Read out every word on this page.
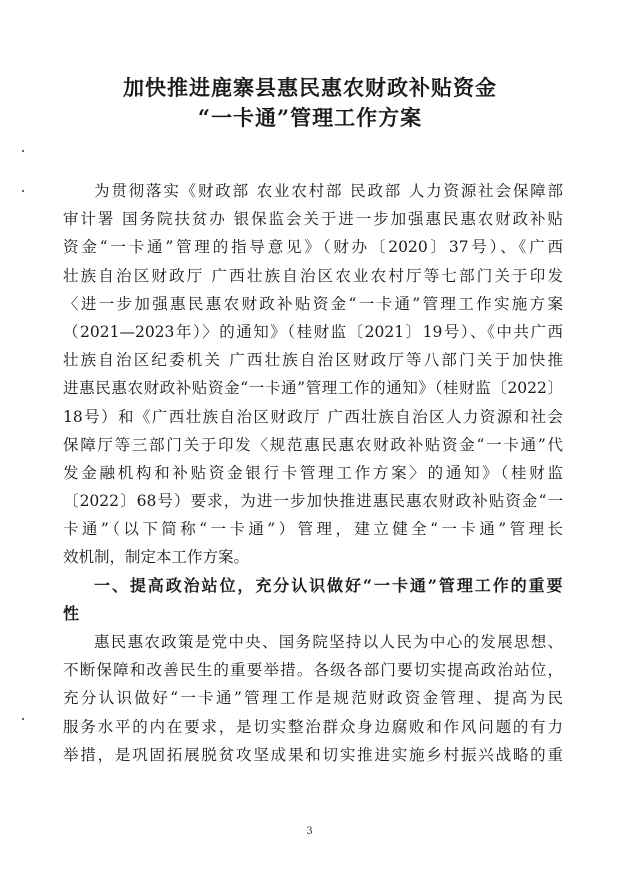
加快推进鹿寨县惠民惠农财政补贴资金
“一卡通”管理工作方案
为贯彻落实《财政部 农业农村部 民政部 人力资源社会保障部
审计署 国务院扶贫办 银保监会关于进一步加强惠民惠农财政补贴
资金“一卡通”管理的指导意见》（财办〔2020〕37号）、《广西
壮族自治区财政厅 广西壮族自治区农业农村厅等七部门关于印发
〈进一步加强惠民惠农财政补贴资金“一卡通”管理工作实施方案
（2021—2023年）〉的通知》（桂财监〔2021〕19号）、《中共广西
壮族自治区纪委机关 广西壮族自治区财政厅等八部门关于加快推
进惠民惠农财政补贴资金“一卡通”管理工作的通知》（桂财监〔2022〕
18号）和《广西壮族自治区财政厅 广西壮族自治区人力资源和社会
保障厅等三部门关于印发〈规范惠民惠农财政补贴资金“一卡通”代
发金融机构和补贴资金银行卡管理工作方案〉的通知》（桂财监
〔2022〕68号）要求，为进一步加快推进惠民惠农财政补贴资金“一
卡通”（以下简称“一卡通”）管理，建立健全“一卡通”管理长
效机制，制定本工作方案。
一、提高政治站位，充分认识做好“一卡通”管理工作的重要
性
惠民惠农政策是党中央、国务院坚持以人民为中心的发展思想、
不断保障和改善民生的重要举措。各级各部门要切实提高政治站位，
充分认识做好“一卡通”管理工作是规范财政资金管理、提高为民
服务水平的内在要求，是切实整治群众身边腐败和作风问题的有力
举措，是巩固拓展脱贫攻坚成果和切实推进实施乡村振兴战略的重
3
